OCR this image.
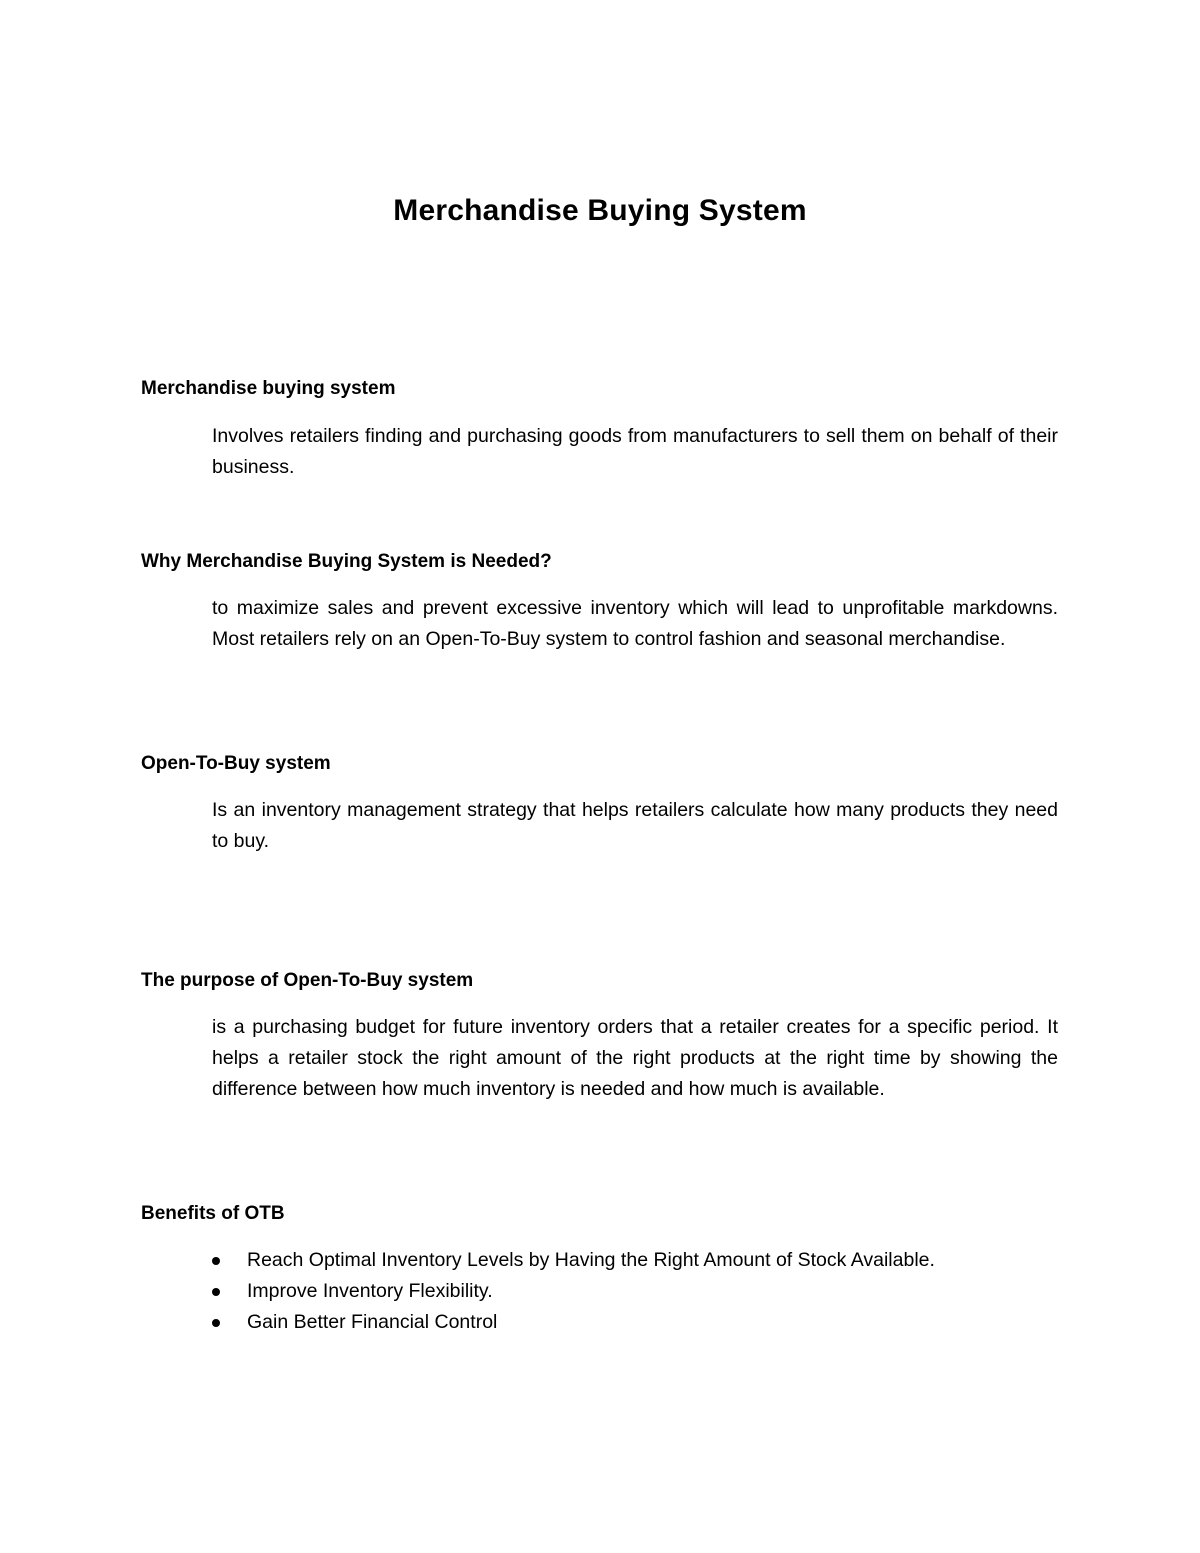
Merchandise Buying System
Merchandise buying system

Involves retailers finding and purchasing goods from manufacturers to sell them on behalf of their business.

Why Merchandise Buying System is Needed?

to maximize sales and prevent excessive inventory which will lead to unprofitable markdowns. Most retailers rely on an Open-To-Buy system to control fashion and seasonal merchandise.

Open-To-Buy system

Is an inventory management strategy that helps retailers calculate how many products they need to buy.

The purpose of Open-To-Buy system

is a purchasing budget for future inventory orders that a retailer creates for a specific period. It helps a retailer stock the right amount of the right products at the right time by showing the difference between how much inventory is needed and how much is available.

Benefits of OTB
Reach Optimal Inventory Levels by Having the Right Amount of Stock Available.
Improve Inventory Flexibility.
Gain Better Financial Control
